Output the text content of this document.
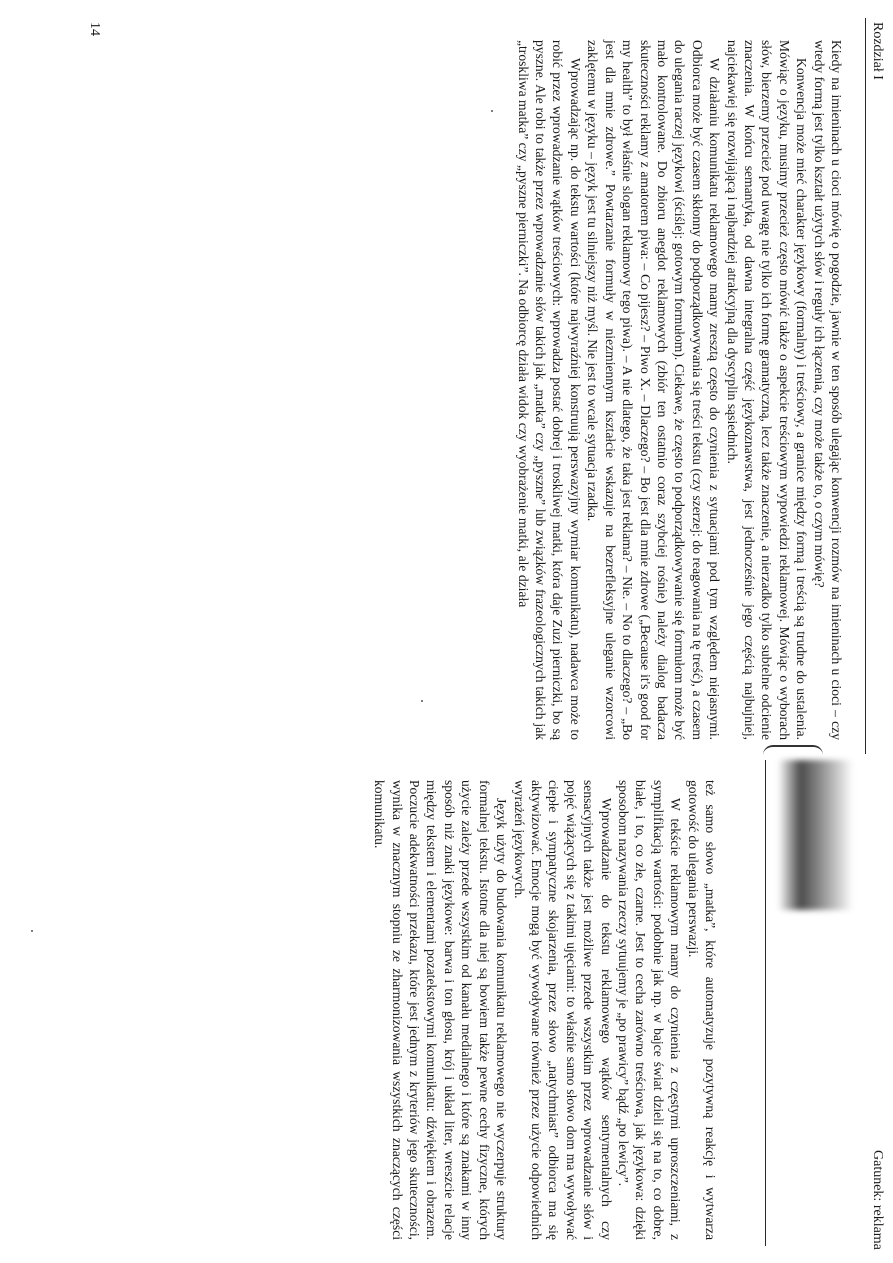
Rozdział I
Gatunek: reklama

Kiedy na imieninach u cioci mówię o pogodzie, jawnie w ten sposób ulegając konwencji rozmów na imieninach u cioci – czy wtedy formą jest tylko kształt użytych słów i reguły ich łączenia, czy może także to, o czym mówię?

Konwencja może mieć charakter językowy (formalny) i treściowy, a granice między formą i treścią są trudne do ustalenia. Mówiąc o języku, musimy przecież często mówić także o aspekcie treściowym wypowiedzi reklamowej. Mówiąc o wyborach słów, bierzemy przecież pod uwagę nie tylko ich formę gramatyczną, lecz także znaczenie, a nierzadko tylko subtelne odcienie znaczenia. W końcu semantyka, od dawna integralna część językoznawstwa, jest jednocześnie jego częścią najbujniej, najciekawiej się rozwijającą i najbardziej atrakcyjną dla dyscyplin sąsiednich.

W działaniu komunikatu reklamowego mamy zresztą często do czynienia z sytuacjami pod tym względem niejasnymi. Odbiorca może być czasem skłonny do podporządkowywania się treści tekstu (czy szerzej: do reagowania na tę treść), a czasem do ulegania raczej językowi (ściślej: gotowym formułom). Ciekawe, że często to podporządkowywanie się formułom może być mało kontrolowane. Do zbioru anegdot reklamowych (zbiór ten ostatnio coraz szybciej rośnie) należy dialog badacza skuteczności reklamy z amatorem piwa: – Co pijesz? – Piwo X. – Dlaczego? – Bo jest dla mnie zdrowe („Because it's good for my health” to był właśnie slogan reklamowy tego piwa). – A nie dlatego, że taka jest reklama? – Nie. – No to dlaczego? – „Bo jest dla mnie zdrowe.” Powtarzanie formuły w niezmiennym kształcie wskazuje na bezrefleksyjne uleganie wzorcowi zaklętemu w języku – język jest tu silniejszy niż myśl. Nie jest to wcale sytuacja rzadka.

Wprowadzając np. do tekstu wartości (które najwyraźniej konstruują perswazyjny wymiar komunikatu), nadawca może to robić przez wprowadzanie wątków treściowych: wprowadza postać dobrej i troskliwej matki, która daje Zuzi pierniczki, bo są pyszne. Ale robi to także przez wprowadzanie słów takich jak „matka” czy „pyszne” lub związków frazeologicznych takich jak „troskliwa matka” czy „pyszne pierniczki”. Na odbiorcę działa widok czy wyobrażenie matki, ale działa

14

też samo słowo „matka”, które automatyzuje pozytywną reakcję i wytwarza gotowość do ulegania perswazji.

W tekście reklamowym mamy do czynienia z częstymi uproszczeniami, z symplifikacją wartości: podobnie jak np. w bajce świat dzieli się na to, co dobre, białe, i to, co złe, czarne. Jest to cecha zarówno treściowa, jak językowa: dzięki sposobom nazywania rzeczy sytuujemy je „po prawicy” bądź „po lewicy”.

Wprowadzanie do tekstu reklamowego wątków sentymentalnych czy sensacyjnych także jest możliwe przede wszystkim przez wprowadzanie słów i pojęć wiążących się z takimi ujęciami: to właśnie samo słowo dom ma wywoływać ciepłe i sympatyczne skojarzenia, przez słowo „natychmiast” odbiorca ma się aktywizować. Emocje mogą być wywoływane również przez użycie odpowiednich wyrażeń językowych.

Język użyty do budowania komunikatu reklamowego nie wyczerpuje struktury formalnej tekstu. Istotne dla niej są bowiem także pewne cechy fizyczne, których użycie zależy przede wszystkim od kanału medialnego i które są znakami w inny sposób niż znaki językowe: barwa i ton głosu, krój i układ liter, wreszcie relacje między tekstem i elementami pozatekstowymi komunikatu: dźwiękiem i obrazem. Poczucie adekwatności przekazu, które jest jednym z kryteriów jego skuteczności, wynika w znacznym stopniu ze zharmonizowania wszystkich znaczących części komunikatu.
